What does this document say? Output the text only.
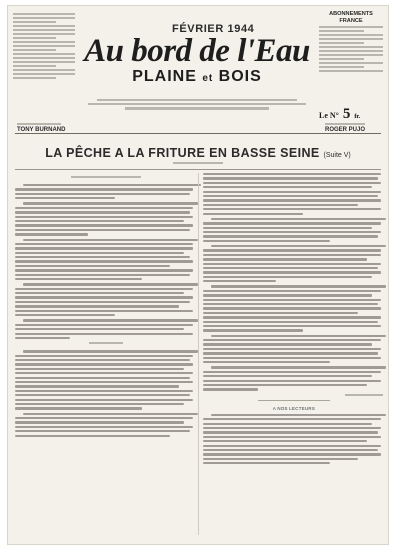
ABONNEMENTS FRANCE
Le N° 5 fr.
FÉVRIER 1944
Au bord de l'Eau
PLAINE et BOIS
TONY BURNAND	ROGER PUJO
LA PÊCHE A LA FRITURE EN BASSE SEINE (Suite V)
A NOS LECTEURS
